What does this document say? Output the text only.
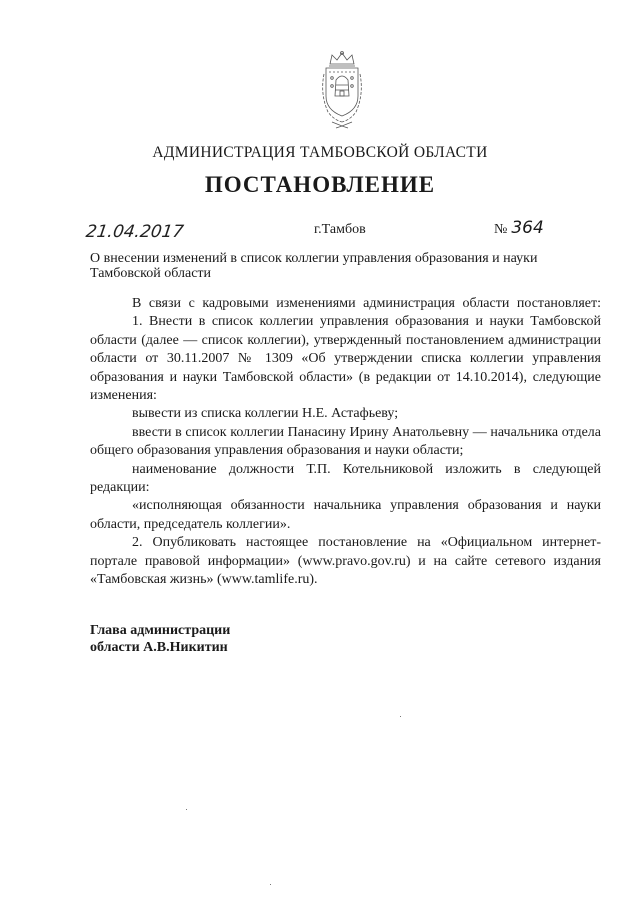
АДМИНИСТРАЦИЯ ТАМБОВСКОЙ ОБЛАСТИ
ПОСТАНОВЛЕНИЕ
21.04.2017	г.Тамбов	№ 364
О внесении изменений в список коллегии управления образования и науки Тамбовской области

В связи с кадровыми изменениями администрация области постановляет:

1. Внести в список коллегии управления образования и науки Тамбовской области (далее — список коллегии), утвержденный постановлением администрации области от 30.11.2007 № 1309 «Об утверждении списка коллегии управления образования и науки Тамбовской области» (в редакции от 14.10.2014), следующие изменения:

вывести из списка коллегии Н.Е. Астафьеву;

ввести в список коллегии Панасину Ирину Анатольевну — начальника отдела общего образования управления образования и науки области;

наименование должности Т.П. Котельниковой изложить в следующей редакции:

«исполняющая обязанности начальника управления образования и науки области, председатель коллегии».

2. Опубликовать настоящее постановление на «Официальном интернет-портале правовой информации» (www.pravo.gov.ru) и на сайте сетевого издания «Тамбовская жизнь» (www.tamlife.ru).

Глава администрации
области А.В.Никитин
